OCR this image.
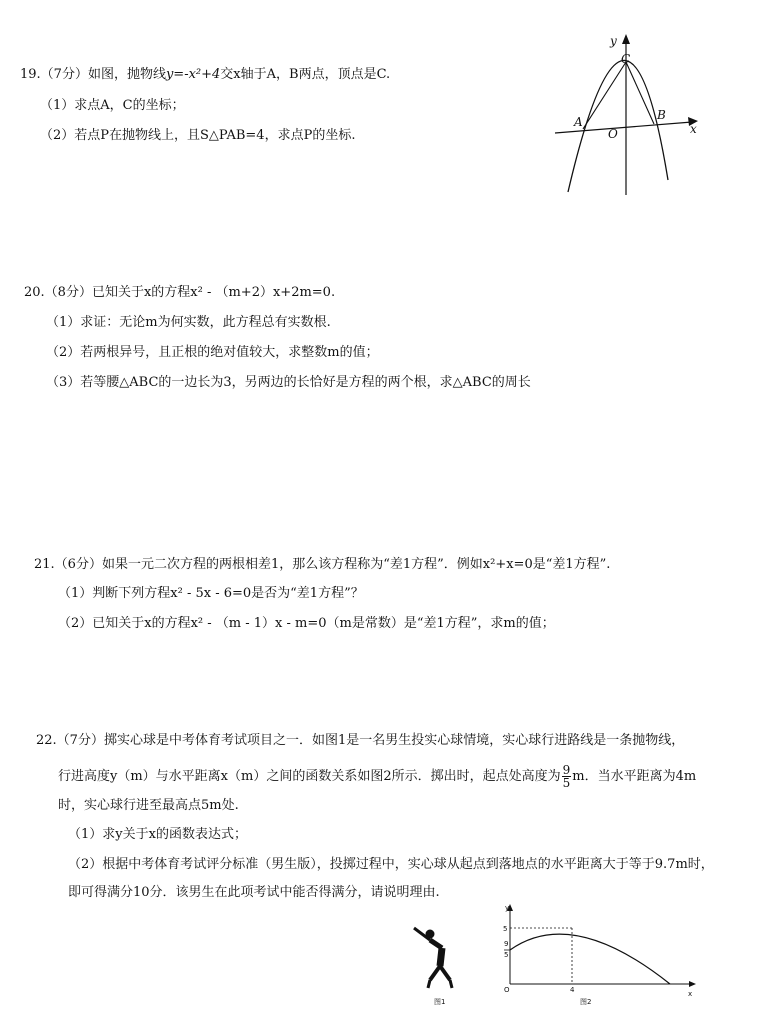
19.（7分）如图，抛物线y=-x²+4交x轴于A，B两点，顶点是C.
（1）求点A，C的坐标；
（2）若点P在抛物线上，且S△PAB=4，求点P的坐标.
y
x
A	B
C
O
20.（8分）已知关于x的方程x² - （m+2）x+2m=0.
（1）求证：无论m为何实数，此方程总有实数根.
（2）若两根异号，且正根的绝对值较大，求整数m的值；
（3）若等腰△ABC的一边长为3，另两边的长恰好是方程的两个根，求△ABC的周长
21.（6分）如果一元二次方程的两根相差1，那么该方程称为“差1方程”．例如x²+x=0是“差1方程”.
（1）判断下列方程x² - 5x - 6=0是否为“差1方程”？
（2）已知关于x的方程x² - （m - 1）x - m=0（m是常数）是“差1方程”，求m的值；
22.（7分）掷实心球是中考体育考试项目之一．如图1是一名男生投实心球情境，实心球行进路线是一条抛物线，
行进高度y（m）与水平距离x（m）之间的函数关系如图2所示．掷出时，起点处高度为 $\frac{9}{5}$ m．当水平距离为4m
时，实心球行进至最高点5m处.
（1）求y关于x的函数表达式；
（2）根据中考体育考试评分标准（男生版），投掷过程中，实心球从起点到落地点的水平距离大于等于9.7m时，
即可得满分10分．该男生在此项考试中能否得满分，请说明理由.
图1
y
x
O
5
9
5
4
图2
